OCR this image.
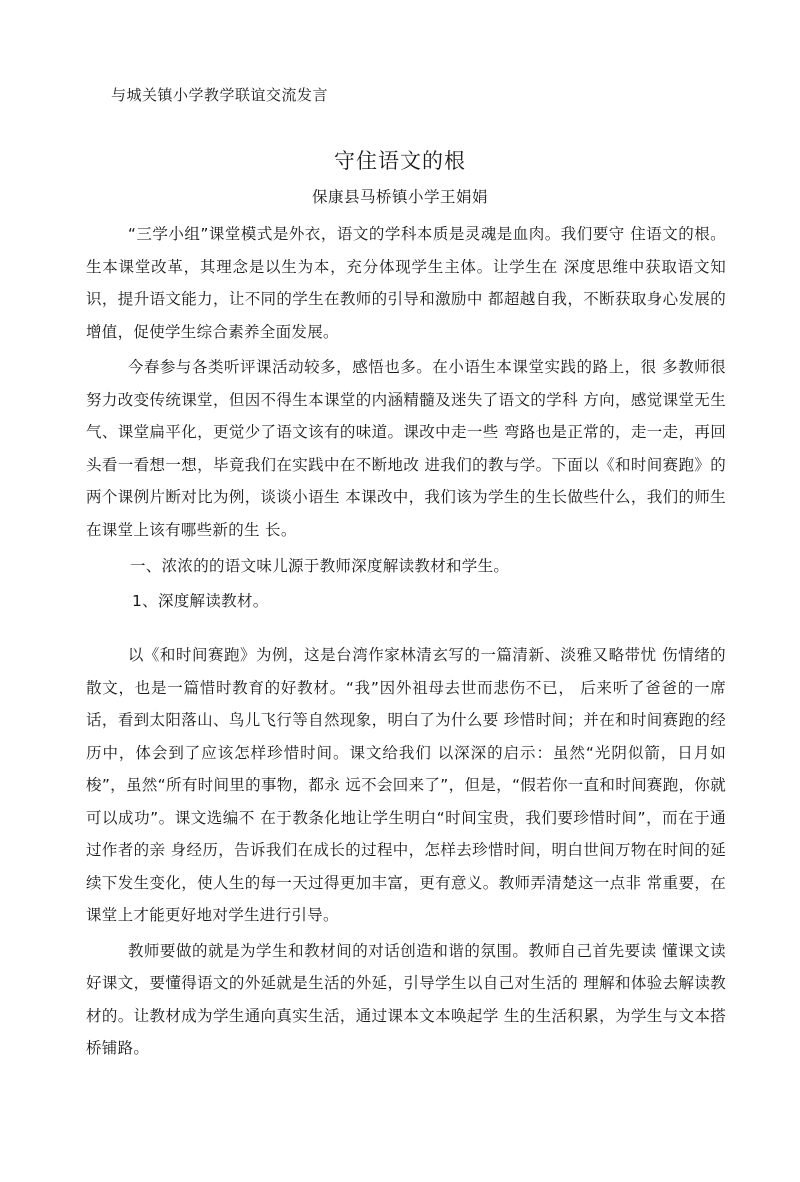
与城关镇小学教学联谊交流发言
守住语文的根
保康县马桥镇小学王娟娟

“三学小组”课堂模式是外衣，语文的学科本质是灵魂是血肉。我们要守 住语文的根。生本课堂改革，其理念是以生为本，充分体现学生主体。让学生在 深度思维中获取语文知识，提升语文能力，让不同的学生在教师的引导和激励中 都超越自我，不断获取身心发展的增值，促使学生综合素养全面发展。

今春参与各类听评课活动较多，感悟也多。在小语生本课堂实践的路上，很 多教师很努力改变传统课堂，但因不得生本课堂的内涵精髓及迷失了语文的学科 方向，感觉课堂无生气、课堂扁平化，更觉少了语文该有的味道。课改中走一些 弯路也是正常的，走一走，再回头看一看想一想，毕竟我们在实践中在不断地改 进我们的教与学。下面以《和时间赛跑》的两个课例片断对比为例，谈谈小语生 本课改中，我们该为学生的生长做些什么，我们的师生在课堂上该有哪些新的生 长。

一、浓浓的的语文味儿源于教师深度解读教材和学生。

1、深度解读教材。

以《和时间赛跑》为例，这是台湾作家林清玄写的一篇清新、淡雅又略带忧 伤情绪的散文，也是一篇惜时教育的好教材。“我”因外祖母去世而悲伤不已， 后来听了爸爸的一席话，看到太阳落山、鸟儿飞行等自然现象，明白了为什么要 珍惜时间；并在和时间赛跑的经历中，体会到了应该怎样珍惜时间。课文给我们 以深深的启示：虽然“光阴似箭，日月如梭”，虽然“所有时间里的事物，都永 远不会回来了”，但是，“假若你一直和时间赛跑，你就可以成功”。课文选编不 在于教条化地让学生明白“时间宝贵，我们要珍惜时间”，而在于通过作者的亲 身经历，告诉我们在成长的过程中，怎样去珍惜时间，明白世间万物在时间的延 续下发生变化，使人生的每一天过得更加丰富，更有意义。教师弄清楚这一点非 常重要，在课堂上才能更好地对学生进行引导。

教师要做的就是为学生和教材间的对话创造和谐的氛围。教师自己首先要读 懂课文读好课文，要懂得语文的外延就是生活的外延，引导学生以自己对生活的 理解和体验去解读教材的。让教材成为学生通向真实生活，通过课本文本唤起学 生的生活积累，为学生与文本搭桥铺路。
